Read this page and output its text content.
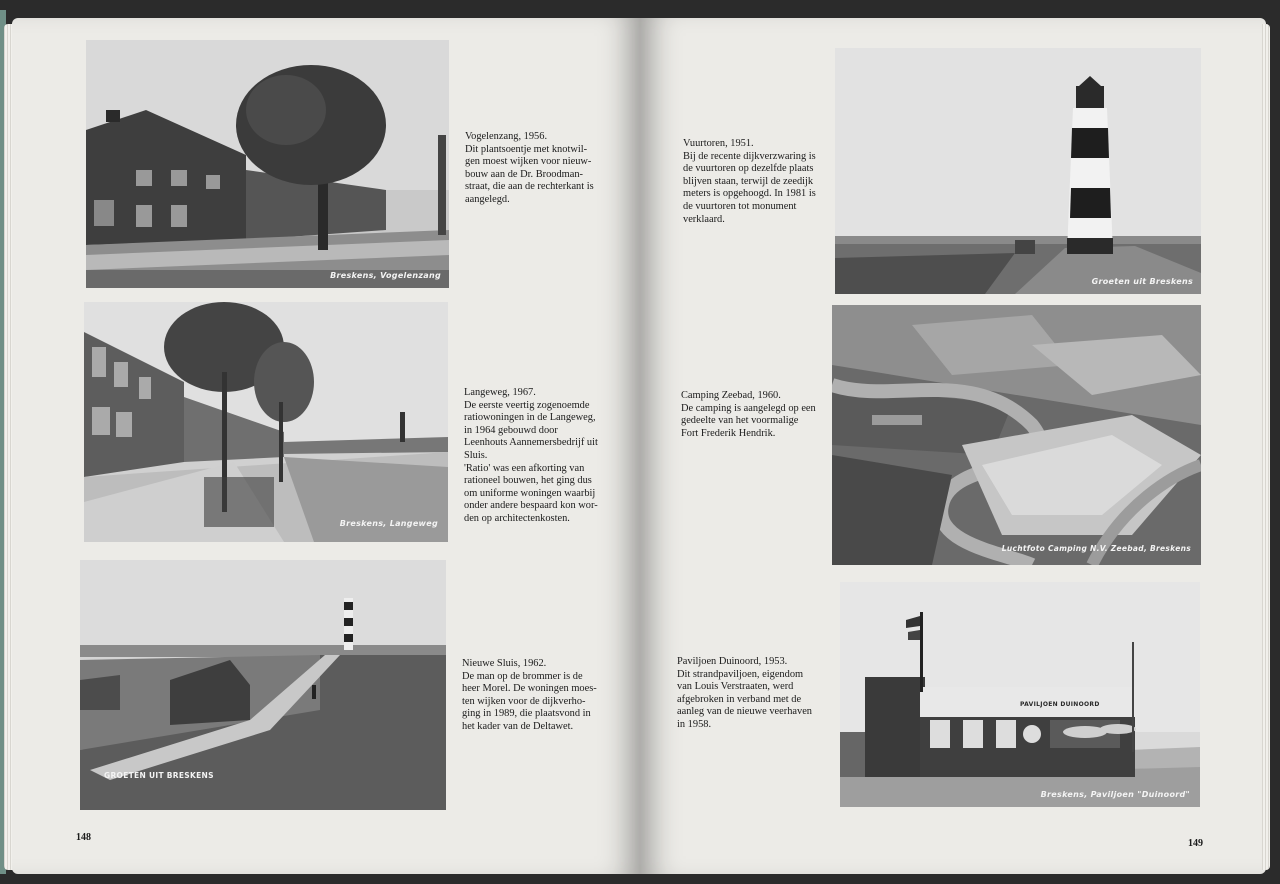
Breskens, Vogelenzang
Vogelenzang, 1956.
Dit plantsoentje met knotwil-
gen moest wijken voor nieuw-
bouw aan de Dr. Broodman-
straat, die aan de rechterkant is
aangelegd.
Breskens, Langeweg
Langeweg, 1967.
De eerste veertig zogenoemde
ratiowoningen in de Langeweg,
in 1964 gebouwd door
Leenhouts Aannemersbedrijf uit
Sluis.
'Ratio' was een afkorting van
rationeel bouwen, het ging dus
om uniforme woningen waarbij
onder andere bespaard kon wor-
den op architectenkosten.
GROETEN UIT BRESKENS
Nieuwe Sluis, 1962.
De man op de brommer is de
heer Morel. De woningen moes-
ten wijken voor de dijkverho-
ging in 1989, die plaatsvond in
het kader van de Deltawet.
148
Vuurtoren, 1951.
Bij de recente dijkverzwaring is
de vuurtoren op dezelfde plaats
blijven staan, terwijl de zeedijk
meters is opgehoogd. In 1981 is
de vuurtoren tot monument
verklaard.
Groeten uit Breskens
Camping Zeebad, 1960.
De camping is aangelegd op een
gedeelte van het voormalige
Fort Frederik Hendrik.
Luchtfoto Camping N.V. Zeebad, Breskens
Paviljoen Duinoord, 1953.
Dit strandpaviljoen, eigendom
van Louis Verstraaten, werd
afgebroken in verband met de
aanleg van de nieuwe veerhaven
in 1958.
PAVILJOEN DUINOORD
Breskens, Paviljoen "Duinoord"
149
